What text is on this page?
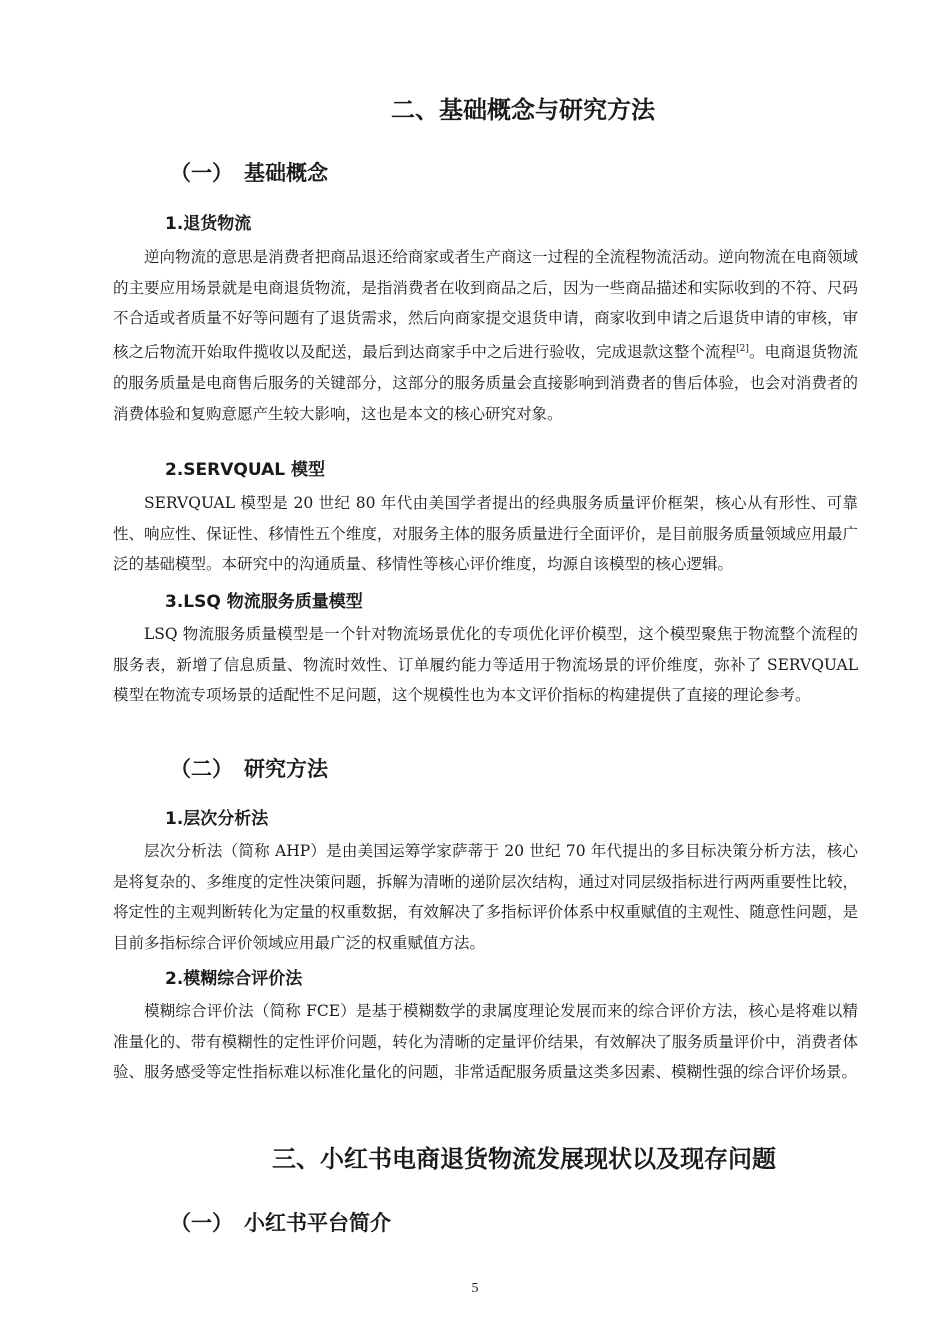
二、基础概念与研究方法
（一） 基础概念
1.退货物流

逆向物流的意思是消费者把商品退还给商家或者生产商这一过程的全流程物流活动。逆向物流在电商领域的主要应用场景就是电商退货物流，是指消费者在收到商品之后，因为一些商品描述和实际收到的不符、尺码不合适或者质量不好等问题有了退货需求，然后向商家提交退货申请，商家收到申请之后退货申请的审核，审核之后物流开始取件揽收以及配送，最后到达商家手中之后进行验收，完成退款这整个流程[2]。电商退货物流的服务质量是电商售后服务的关键部分，这部分的服务质量会直接影响到消费者的售后体验，也会对消费者的消费体验和复购意愿产生较大影响，这也是本文的核心研究对象。

2.SERVQUAL 模型

SERVQUAL 模型是 20 世纪 80 年代由美国学者提出的经典服务质量评价框架，核心从有形性、可靠性、响应性、保证性、移情性五个维度，对服务主体的服务质量进行全面评价，是目前服务质量领域应用最广泛的基础模型。本研究中的沟通质量、移情性等核心评价维度，均源自该模型的核心逻辑。

3.LSQ 物流服务质量模型

LSQ 物流服务质量模型是一个针对物流场景优化的专项优化评价模型，这个模型聚焦于物流整个流程的服务表，新增了信息质量、物流时效性、订单履约能力等适用于物流场景的评价维度，弥补了 SERVQUAL 模型在物流专项场景的适配性不足问题，这个规模性也为本文评价指标的构建提供了直接的理论参考。

（二） 研究方法
1.层次分析法

层次分析法（简称 AHP）是由美国运筹学家萨蒂于 20 世纪 70 年代提出的多目标决策分析方法，核心是将复杂的、多维度的定性决策问题，拆解为清晰的递阶层次结构，通过对同层级指标进行两两重要性比较，将定性的主观判断转化为定量的权重数据，有效解决了多指标评价体系中权重赋值的主观性、随意性问题，是目前多指标综合评价领域应用最广泛的权重赋值方法。

2.模糊综合评价法

模糊综合评价法（简称 FCE）是基于模糊数学的隶属度理论发展而来的综合评价方法，核心是将难以精准量化的、带有模糊性的定性评价问题，转化为清晰的定量评价结果，有效解决了服务质量评价中，消费者体验、服务感受等定性指标难以标准化量化的问题，非常适配服务质量这类多因素、模糊性强的综合评价场景。

三、小红书电商退货物流发展现状以及现存问题
（一） 小红书平台简介
5
